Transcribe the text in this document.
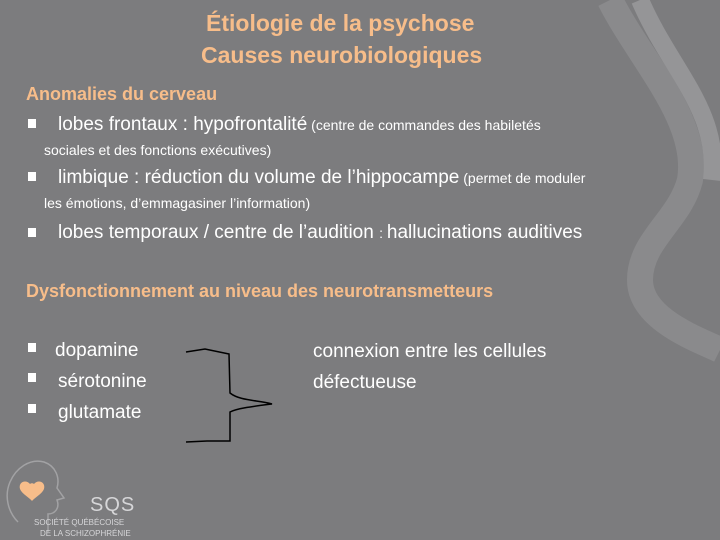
Étiologie de la psychose
Causes neurobiologiques
Anomalies du cerveau
lobes frontaux : hypofrontalité (centre de commandes des habiletés
sociales et des fonctions exécutives)
limbique : réduction du volume de l’hippocampe (permet de moduler
les émotions, d’emmagasiner l’information)
lobes temporaux / centre de l’audition : hallucinations auditives
Dysfonctionnement au niveau des neurotransmetteurs
dopamine
sérotonine
glutamate
connexion entre les cellules
défectueuse
SQS
SOCIÉTÉ QUÉBÉCOISE
DE LA SCHIZOPHRÉNIE
